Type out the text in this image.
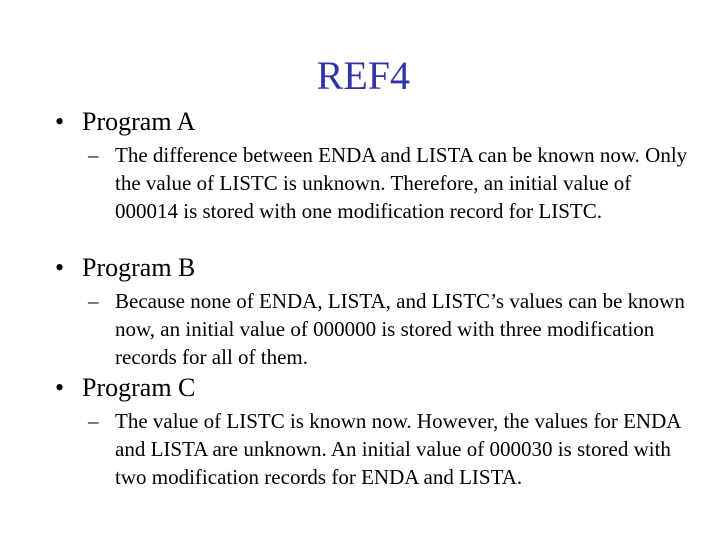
REF4
• Program A
– The difference between ENDA and LISTA can be known now. Only the value of LISTC is unknown. Therefore, an initial value of 000014 is stored with one modification record for LISTC.
• Program B
– Because none of ENDA, LISTA, and LISTC’s values can be known now, an initial value of 000000 is stored with three modification records for all of them.
• Program C
– The value of LISTC is known now. However, the values for ENDA and LISTA are unknown. An initial value of 000030 is stored with two modification records for ENDA and LISTA.
